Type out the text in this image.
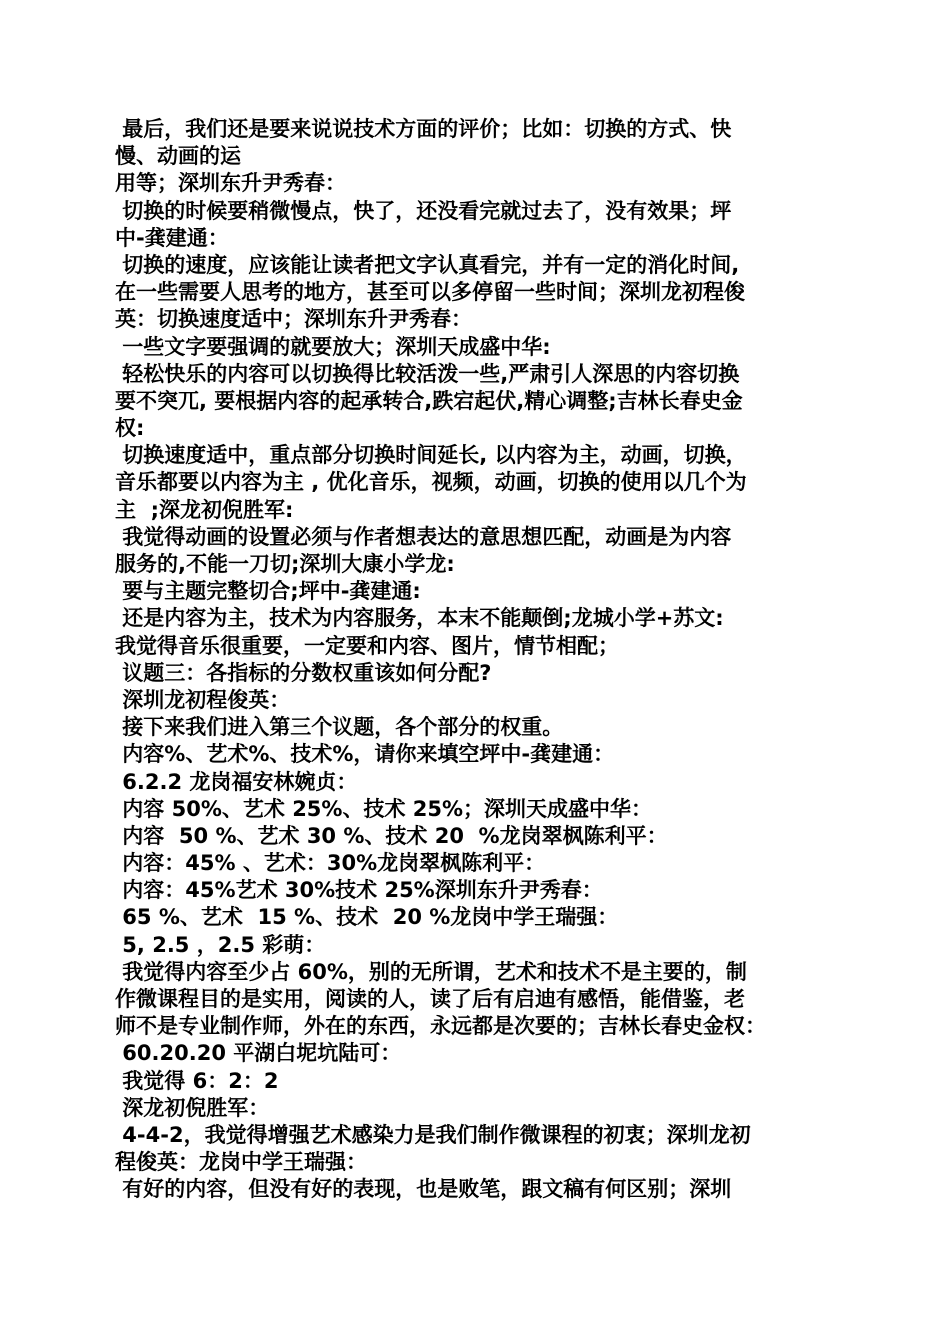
最后，我们还是要来说说技术方面的评价；比如：切换的方式、快
慢、动画的运
用等；深圳东升尹秀春：
切换的时候要稍微慢点，快了，还没看完就过去了，没有效果；坪
中-龚建通：
切换的速度，应该能让读者把文字认真看完，并有一定的消化时间,
在一些需要人思考的地方，甚至可以多停留一些时间；深圳龙初程俊
英：切换速度适中；深圳东升尹秀春：
一些文字要强调的就要放大；深圳天成盛中华:
轻松快乐的内容可以切换得比较活泼一些,严肃引人深思的内容切换
要不突兀, 要根据内容的起承转合,跌宕起伏,精心调整;吉林长春史金
权:
切换速度适中，重点部分切换时间延长, 以内容为主，动画，切换，
音乐都要以内容为主 , 优化音乐，视频，动画，切换的使用以几个为
主  ;深龙初倪胜军:
我觉得动画的设置必须与作者想表达的意思想匹配，动画是为内容
服务的,不能一刀切;深圳大康小学龙:
要与主题完整切合;坪中-龚建通:
还是内容为主，技术为内容服务，本末不能颠倒;龙城小学+苏文:
我觉得音乐很重要，一定要和内容、图片，情节相配；
议题三：各指标的分数权重该如何分配?
深圳龙初程俊英：
接下来我们进入第三个议题，各个部分的权重。
内容%、艺术%、技术%，请你来填空坪中-龚建通：
6.2.2 龙岗福安林婉贞：
内容 50%、艺术 25%、技术 25%；深圳天成盛中华：
内容  50 %、艺术 30 %、技术 20  %龙岗翠枫陈利平：
内容：45% 、艺术：30%龙岗翠枫陈利平：
内容：45%艺术 30%技术 25%深圳东升尹秀春：
65 %、艺术  15 %、技术  20 %龙岗中学王瑞强：
5, 2.5 ，2.5 彩萌：
我觉得内容至少占 60%，别的无所谓，艺术和技术不是主要的，制
作微课程目的是实用，阅读的人，读了后有启迪有感悟，能借鉴，老
师不是专业制作师，外在的东西，永远都是次要的；吉林长春史金权：
60.20.20 平湖白坭坑陆可：
我觉得 6：2：2
深龙初倪胜军：
4-4-2，我觉得增强艺术感染力是我们制作微课程的初衷；深圳龙初
程俊英：龙岗中学王瑞强：
有好的内容，但没有好的表现，也是败笔，跟文稿有何区别；深圳
